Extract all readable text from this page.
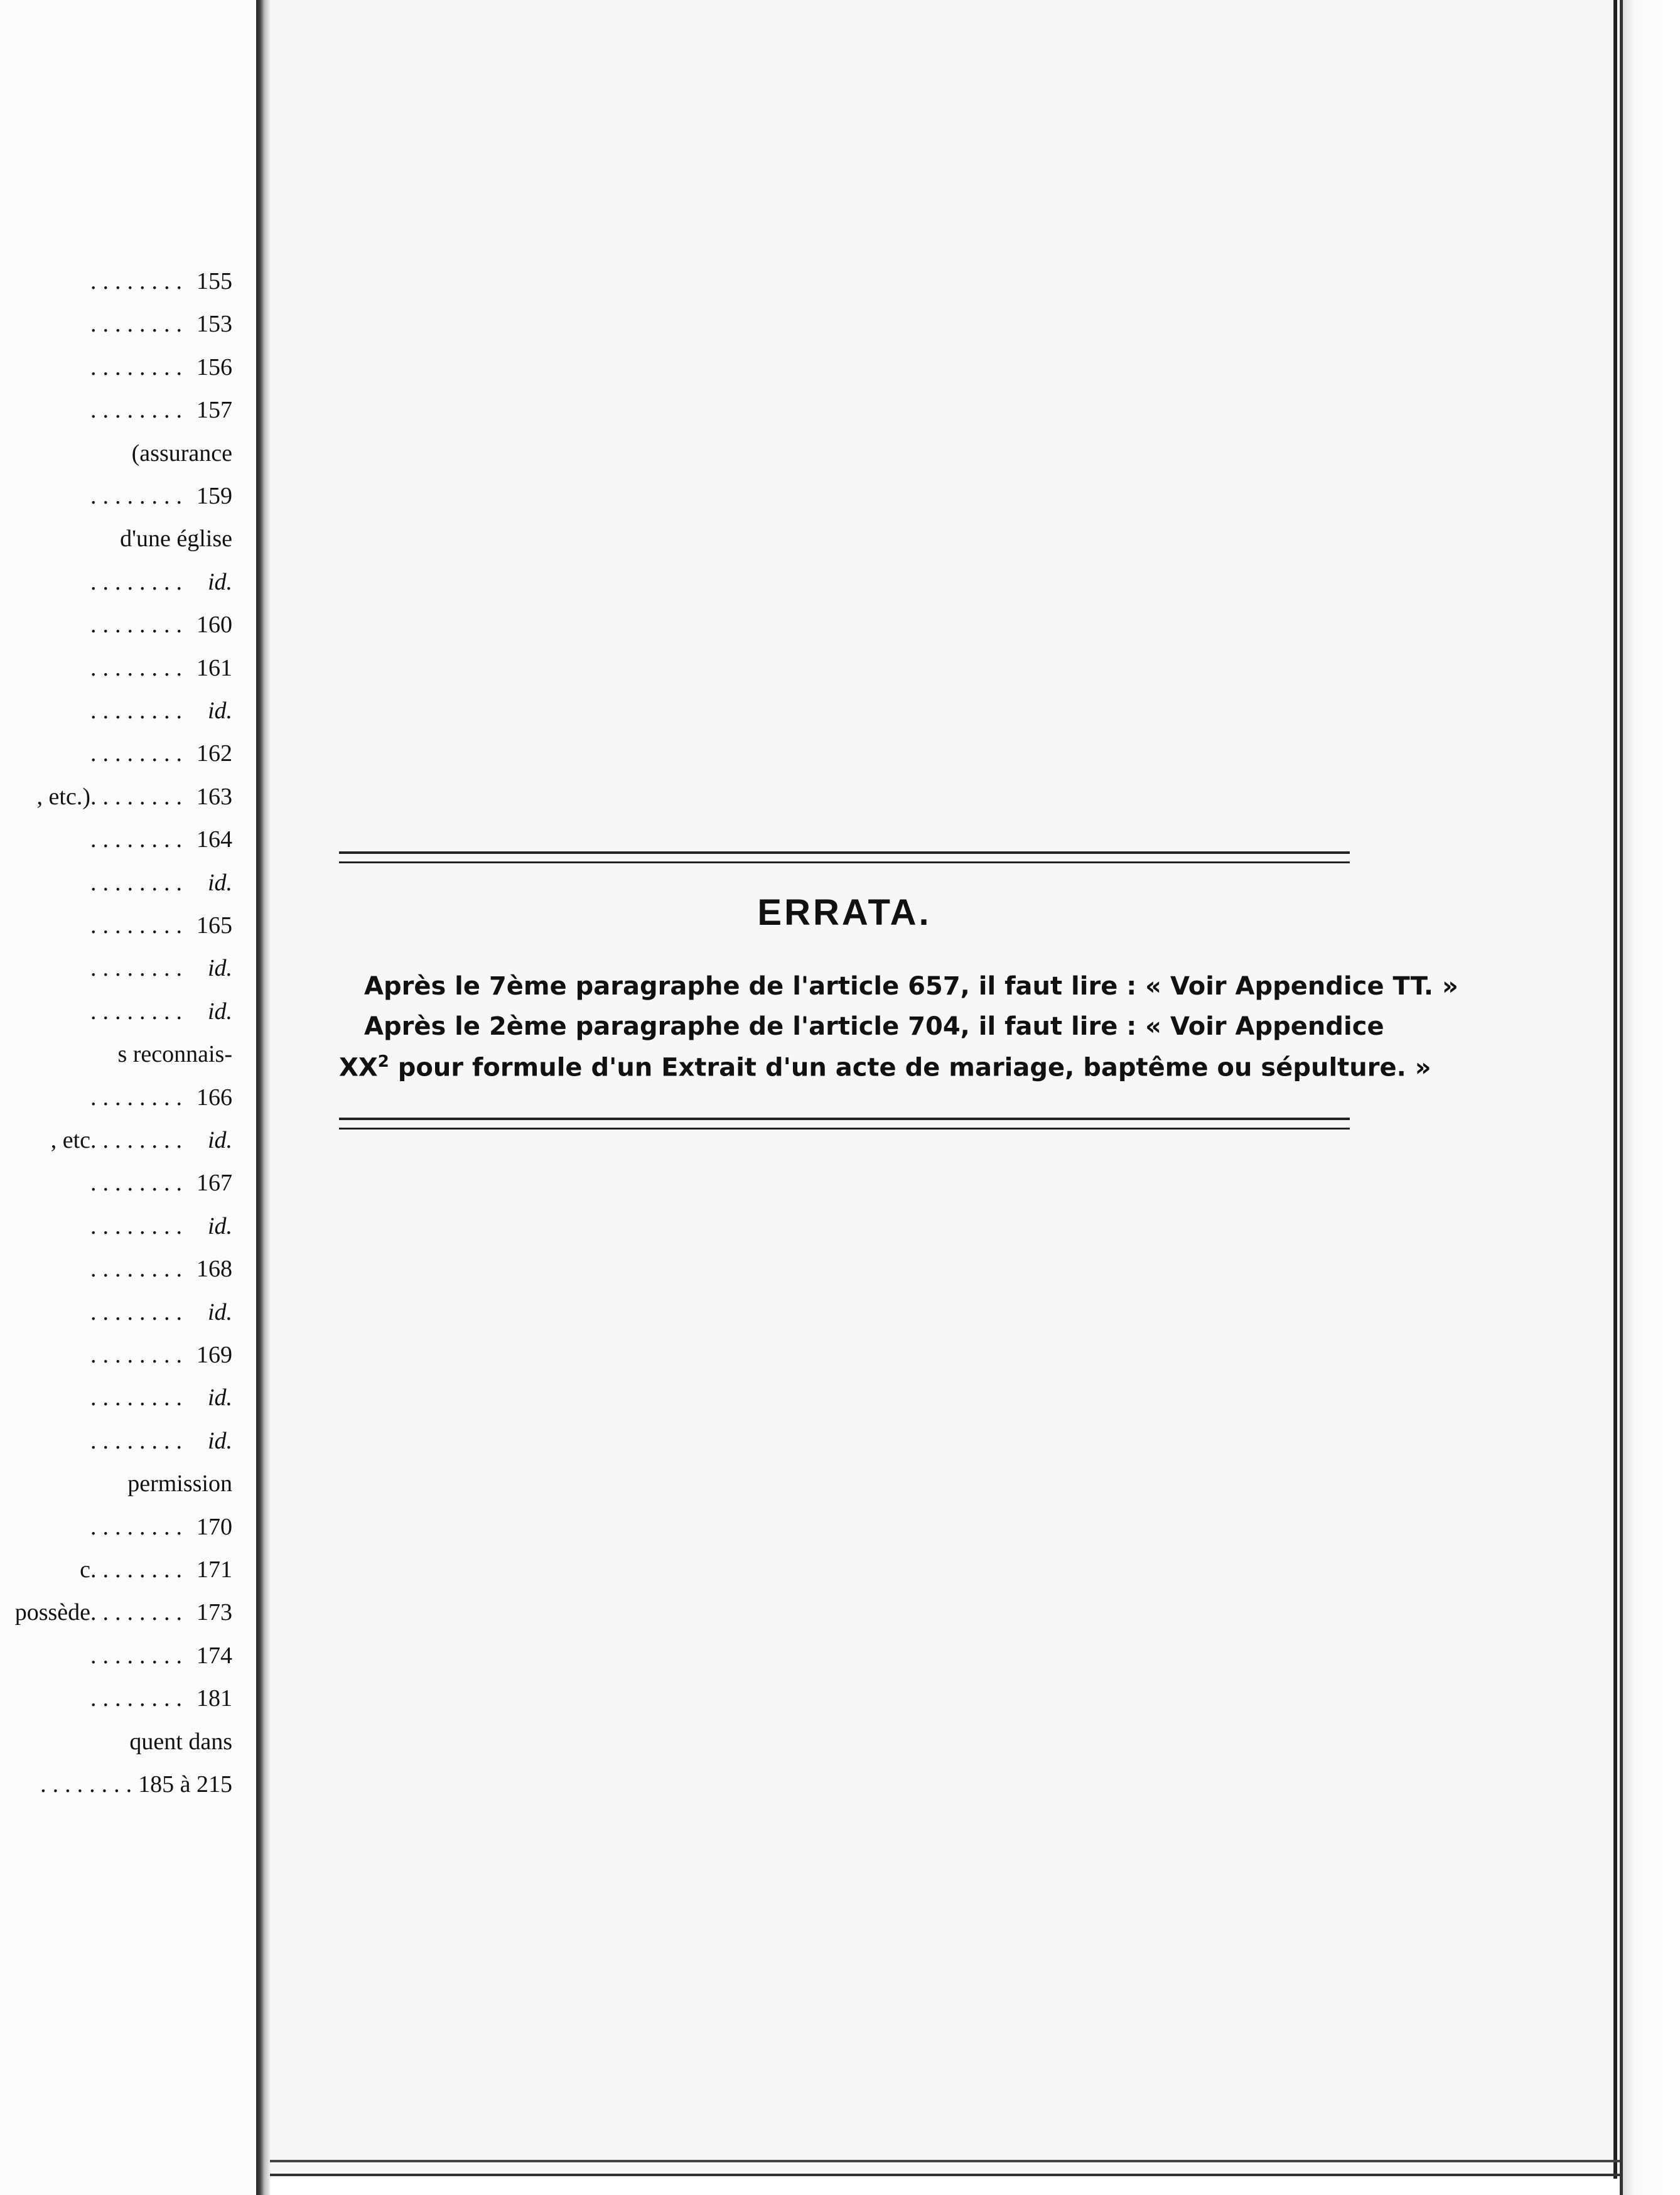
........ 155
........ 153
........ 156
........ 157
(assurance
........ 159
d'une église
........ id.
........ 160
........ 161
........ id.
........ 162
, etc.)........ 163
........ 164
........ id.
........ 165
........ id.
........ id.
s reconnais-
........ 166
, etc........ id.
........ 167
........ id.
........ 168
........ id.
........ 169
........ id.
........ id.
permission
........ 170
c........ 171
possède........ 173
........ 174
........ 181
quent dans
........185 à 215
ERRATA.
Après le 7ème paragraphe de l'article 657, il faut lire : « Voir Appendice TT. »
Après le 2ème paragraphe de l'article 704, il faut lire : « Voir Appendice
$XX^2$ pour formule d'un Extrait d'un acte de mariage, baptême ou sépulture. »
